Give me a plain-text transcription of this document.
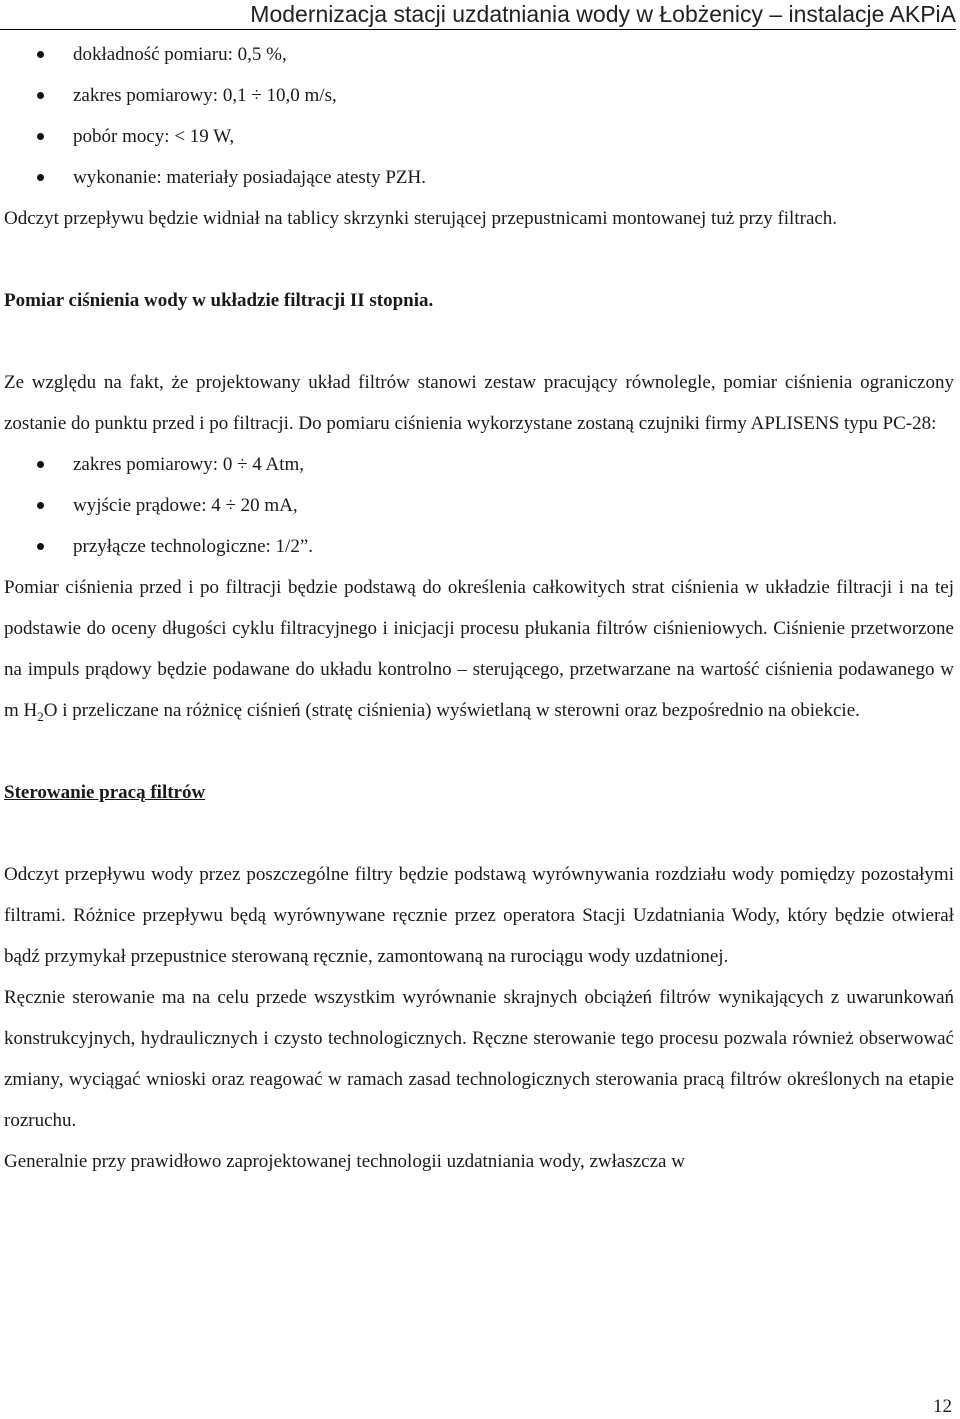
Modernizacja stacji uzdatniania wody w Łobżenicy – instalacje AKPiA
dokładność pomiaru: 0,5 %,
zakres pomiarowy: 0,1 ÷ 10,0 m/s,
pobór mocy: < 19 W,
wykonanie: materiały posiadające atesty PZH.

Odczyt przepływu będzie widniał na tablicy skrzynki sterującej przepustnicami montowanej tuż przy filtrach.

Pomiar ciśnienia wody w układzie filtracji II stopnia.

Ze względu na fakt, że projektowany układ filtrów stanowi zestaw pracujący równolegle, pomiar ciśnienia ograniczony zostanie do punktu przed i po filtracji. Do pomiaru ciśnienia wykorzystane zostaną czujniki firmy APLISENS typu PC-28:

zakres pomiarowy: 0 ÷ 4 Atm,
wyjście prądowe: 4 ÷ 20 mA,
przyłącze technologiczne: 1/2”.

Pomiar ciśnienia przed i po filtracji będzie podstawą do określenia całkowitych strat ciśnienia w układzie filtracji i na tej podstawie do oceny długości cyklu filtracyjnego i inicjacji procesu płukania filtrów ciśnieniowych. Ciśnienie przetworzone na impuls prądowy będzie podawane do układu kontrolno – sterującego, przetwarzane na wartość ciśnienia podawanego w m $H_2O$ i przeliczane na różnicę ciśnień (stratę ciśnienia) wyświetlaną w sterowni oraz bezpośrednio na obiekcie.

Sterowanie pracą filtrów

Odczyt przepływu wody przez poszczególne filtry będzie podstawą wyrównywania rozdziału wody pomiędzy pozostałymi filtrami. Różnice przepływu będą wyrównywane ręcznie przez operatora Stacji Uzdatniania Wody, który będzie otwierał bądź przymykał przepustnice sterowaną ręcznie, zamontowaną na rurociągu wody uzdatnionej.

Ręcznie sterowanie ma na celu przede wszystkim wyrównanie skrajnych obciążeń filtrów wynikających z uwarunkowań konstrukcyjnych, hydraulicznych i czysto technologicznych. Ręczne sterowanie tego procesu pozwala również obserwować zmiany, wyciągać wnioski oraz reagować w ramach zasad technologicznych sterowania pracą filtrów określonych na etapie rozruchu.

Generalnie przy prawidłowo zaprojektowanej technologii uzdatniania wody, zwłaszcza w

12
